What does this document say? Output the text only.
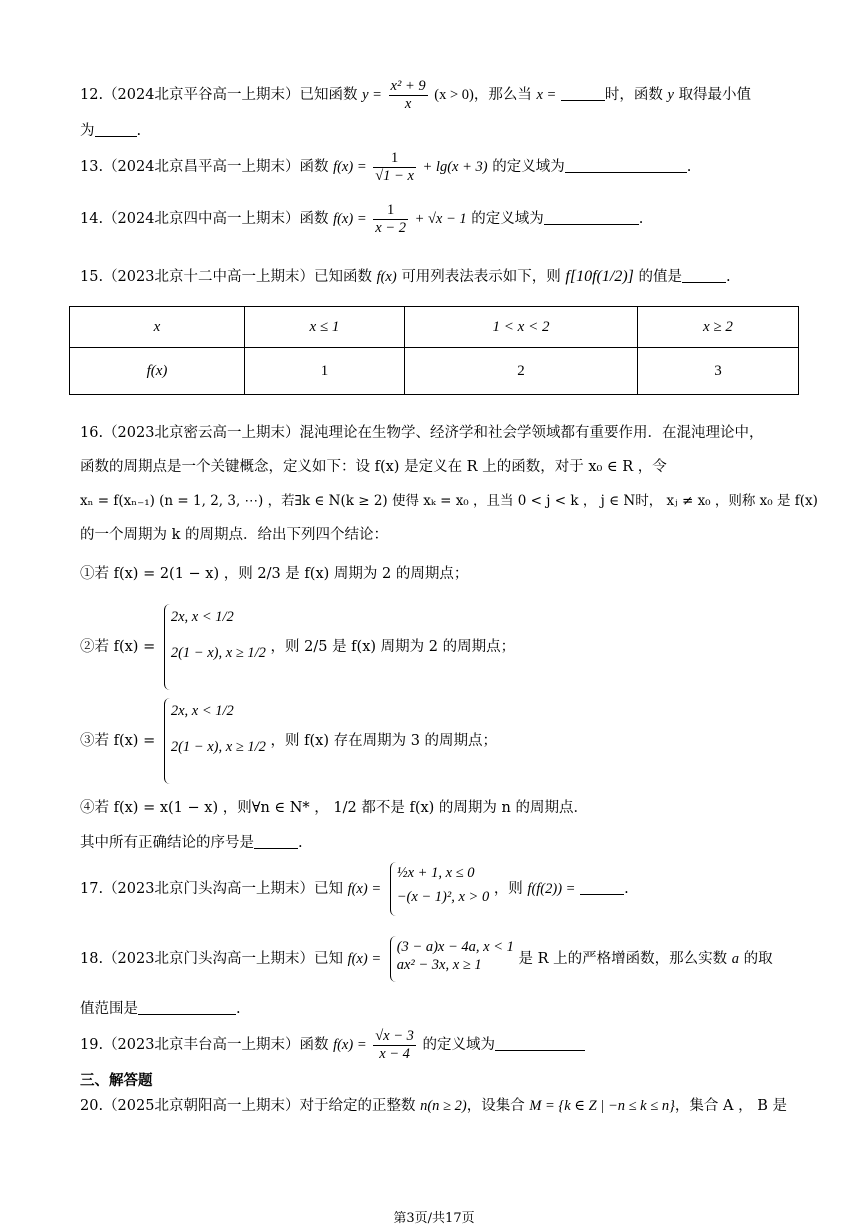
12.（2024北京平谷高一上期末）已知函数 $y = \frac{\text{x² + 9}}{x} (x > 0)$，那么当 x =	时，函数 y 取得最小值
为	.
13.（2024北京昌平高一上期末）函数 $f(x) = \frac{1}{√1 - x} + \lg(x + 3)$ 的定义域为	.
14.（2024北京四中高一上期末）函数 $f(x) = \frac{1}{x - 2} + √x - 1$ 的定义域为	.
15.（2023北京十二中高一上期末）已知函数 f(x) 可用列表法表示如下，则 f[10f(1/2)] 的值是	.
x	x ≤ 1	1 < x < 2	x ≥ 2
f(x)	1	2	3
16.（2023北京密云高一上期末）混沌理论在生物学、经济学和社会学领域都有重要作用．在混沌理论中，
函数的周期点是一个关键概念，定义如下：设 f(x) 是定义在 R 上的函数，对于 x₀ ∈ R ，令
xₙ = f(xₙ₋₁) (n = 1, 2, 3, ⋯) ，若∃k ∈ N(k ≥ 2) 使得 xₖ = x₀ ，且当 0 < j < k ， j ∈ N时， xⱼ ≠ x₀ ，则称 x₀ 是 f(x)
的一个周期为 k 的周期点．给出下列四个结论：
①若 f(x) = 2(1 − x) ，则 2/3 是 f(x) 周期为 2 的周期点；
②若 f(x) =
2x, x < 1/2
2(1 − x), x ≥ 1/2 ，则 2/5 是 f(x) 周期为 2 的周期点；
③若 f(x) =
2x, x < 1/2
2(1 − x), x ≥ 1/2 ，则 f(x) 存在周期为 3 的周期点；
④若 f(x) = x(1 − x) ，则∀n ∈ N* ， 1/2 都不是 f(x) 的周期为 n 的周期点．
其中所有正确结论的序号是	.
17.（2023北京门头沟高一上期末）已知 f(x) =
½x + 1, x ≤ 0
−(x − 1)², x > 0
，则 f(f(2)) =	.
18.（2023北京门头沟高一上期末）已知 f(x) =
(3 − a)x − 4a, x < 1
ax² − 3x, x ≥ 1	是 R 上的严格增函数，那么实数 a 的取
值范围是	.
19.（2023北京丰台高一上期末）函数 $f(x) = \frac{√x - 3}{x - 4}$ 的定义域为
三、解答题
20.（2025北京朝阳高一上期末）对于给定的正整数 n(n ≥ 2)，设集合 M = {k ∈ Z | −n ≤ k ≤ n}，集合 A ， B 是
第3页/共17页
